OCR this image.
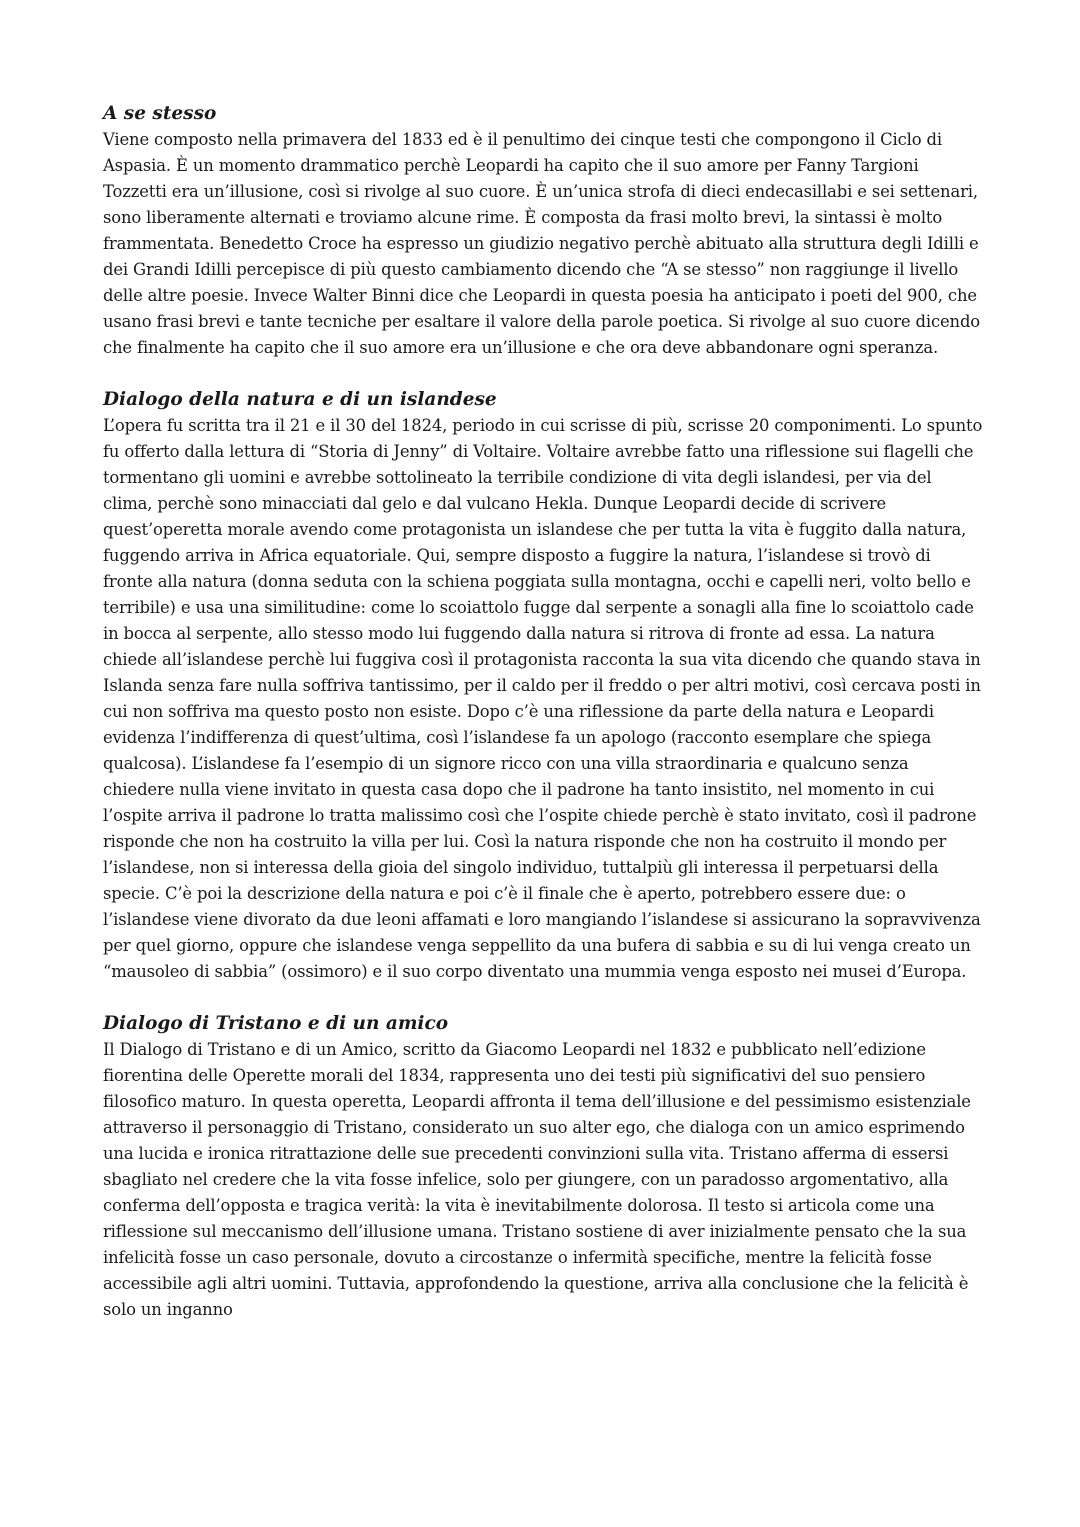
A se stesso

Viene composto nella primavera del 1833 ed è il penultimo dei cinque testi che compongono il Ciclo di Aspasia. È un momento drammatico perchè Leopardi ha capito che il suo amore per Fanny Targioni Tozzetti era un’illusione, così si rivolge al suo cuore. È un’unica strofa di dieci endecasillabi e sei settenari, sono liberamente alternati e troviamo alcune rime. È composta da frasi molto brevi, la sintassi è molto frammentata. Benedetto Croce ha espresso un giudizio negativo perchè abituato alla struttura degli Idilli e dei Grandi Idilli percepisce di più questo cambiamento dicendo che “A se stesso” non raggiunge il livello delle altre poesie. Invece Walter Binni dice che Leopardi in questa poesia ha anticipato i poeti del 900, che usano frasi brevi e tante tecniche per esaltare il valore della parole poetica. Si rivolge al suo cuore dicendo che finalmente ha capito che il suo amore era un’illusione e che ora deve abbandonare ogni speranza.

Dialogo della natura e di un islandese

L’opera fu scritta tra il 21 e il 30 del 1824, periodo in cui scrisse di più, scrisse 20 componimenti. Lo spunto fu offerto dalla lettura di “Storia di Jenny” di Voltaire. Voltaire avrebbe fatto una riflessione sui flagelli che tormentano gli uomini e avrebbe sottolineato la terribile condizione di vita degli islandesi, per via del clima, perchè sono minacciati dal gelo e dal vulcano Hekla. Dunque Leopardi decide di scrivere quest’operetta morale avendo come protagonista un islandese che per tutta la vita è fuggito dalla natura, fuggendo arriva in Africa equatoriale. Qui, sempre disposto a fuggire la natura, l’islandese si trovò di fronte alla natura (donna seduta con la schiena poggiata sulla montagna, occhi e capelli neri, volto bello e terribile) e usa una similitudine: come lo scoiattolo fugge dal serpente a sonagli alla fine lo scoiattolo cade in bocca al serpente, allo stesso modo lui fuggendo dalla natura si ritrova di fronte ad essa. La natura chiede all’islandese perchè lui fuggiva così il protagonista racconta la sua vita dicendo che quando stava in Islanda senza fare nulla soffriva tantissimo, per il caldo per il freddo o per altri motivi, così cercava posti in cui non soffriva ma questo posto non esiste. Dopo c’è una riflessione da parte della natura e Leopardi evidenza l’indifferenza di quest’ultima, così l’islandese fa un apologo (racconto esemplare che spiega qualcosa). L’islandese fa l’esempio di un signore ricco con una villa straordinaria e qualcuno senza chiedere nulla viene invitato in questa casa dopo che il padrone ha tanto insistito, nel momento in cui l’ospite arriva il padrone lo tratta malissimo così che l’ospite chiede perchè è stato invitato, così il padrone risponde che non ha costruito la villa per lui. Così la natura risponde che non ha costruito il mondo per l’islandese, non si interessa della gioia del singolo individuo, tuttalpiù gli interessa il perpetuarsi della specie. C’è poi la descrizione della natura e poi c’è il finale che è aperto, potrebbero essere due: o l’islandese viene divorato da due leoni affamati e loro mangiando l’islandese si assicurano la sopravvivenza per quel giorno, oppure che islandese venga seppellito da una bufera di sabbia e su di lui venga creato un “mausoleo di sabbia” (ossimoro) e il suo corpo diventato una mummia venga esposto nei musei d’Europa.

Dialogo di Tristano e di un amico

Il Dialogo di Tristano e di un Amico, scritto da Giacomo Leopardi nel 1832 e pubblicato nell’edizione fiorentina delle Operette morali del 1834, rappresenta uno dei testi più significativi del suo pensiero filosofico maturo. In questa operetta, Leopardi affronta il tema dell’illusione e del pessimismo esistenziale attraverso il personaggio di Tristano, considerato un suo alter ego, che dialoga con un amico esprimendo una lucida e ironica ritrattazione delle sue precedenti convinzioni sulla vita. Tristano afferma di essersi sbagliato nel credere che la vita fosse infelice, solo per giungere, con un paradosso argomentativo, alla conferma dell’opposta e tragica verità: la vita è inevitabilmente dolorosa. Il testo si articola come una riflessione sul meccanismo dell’illusione umana. Tristano sostiene di aver inizialmente pensato che la sua infelicità fosse un caso personale, dovuto a circostanze o infermità specifiche, mentre la felicità fosse accessibile agli altri uomini. Tuttavia, approfondendo la questione, arriva alla conclusione che la felicità è solo un inganno
